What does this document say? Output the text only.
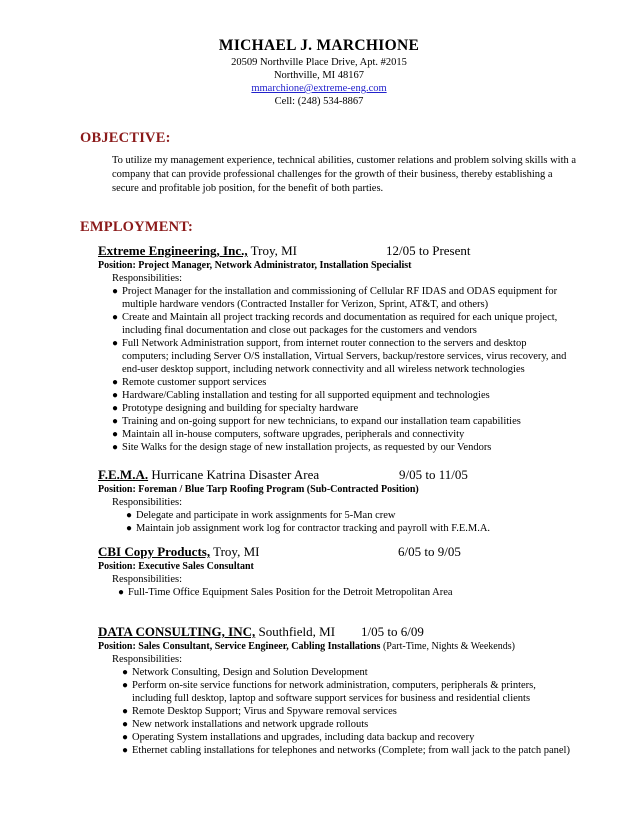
MICHAEL J. MARCHIONE
20509 Northville Place Drive, Apt. #2015
Northville, MI 48167
mmarchione@extreme-eng.com
Cell: (248) 534-8867
OBJECTIVE:
To utilize my management experience, technical abilities, customer relations and problem solving skills with a company that can provide professional challenges for the growth of their business, thereby establishing a secure and profitable job position, for the benefit of both parties.
EMPLOYMENT:
Extreme Engineering, Inc., Troy, MI	12/05 to Present
Position: Project Manager, Network Administrator, Installation Specialist
Responsibilities:
● Project Manager for the installation and commissioning of Cellular RF IDAS and ODAS equipment for multiple hardware vendors (Contracted Installer for Verizon, Sprint, AT&T, and others)
● Create and Maintain all project tracking records and documentation as required for each unique project, including final documentation and close out packages for the customers and vendors
● Full Network Administration support, from internet router connection to the servers and desktop computers; including Server O/S installation, Virtual Servers, backup/restore services, virus recovery, and end-user desktop support, including network connectivity and all wireless network technologies
● Remote customer support services
● Hardware/Cabling installation and testing for all supported equipment and technologies
● Prototype designing and building for specialty hardware
● Training and on-going support for new technicians, to expand our installation team capabilities
● Maintain all in-house computers, software upgrades, peripherals and connectivity
● Site Walks for the design stage of new installation projects, as requested by our Vendors
F.E.M.A. Hurricane Katrina Disaster Area	9/05 to 11/05
Position: Foreman / Blue Tarp Roofing Program (Sub-Contracted Position)
Responsibilities:
● Delegate and participate in work assignments for 5-Man crew
● Maintain job assignment work log for contractor tracking and payroll with F.E.M.A.
CBI Copy Products, Troy, MI	6/05 to 9/05
Position: Executive Sales Consultant
Responsibilities:
● Full-Time Office Equipment Sales Position for the Detroit Metropolitan Area
DATA CONSULTING, INC, Southfield, MI 1/05 to 6/09
Position: Sales Consultant, Service Engineer, Cabling Installations (Part-Time, Nights & Weekends)
Responsibilities:
● Network Consulting, Design and Solution Development
● Perform on-site service functions for network administration, computers, peripherals & printers, including full desktop, laptop and software support services for business and residential clients
● Remote Desktop Support; Virus and Spyware removal services
● New network installations and network upgrade rollouts
● Operating System installations and upgrades, including data backup and recovery
● Ethernet cabling installations for telephones and networks (Complete; from wall jack to the patch panel)
